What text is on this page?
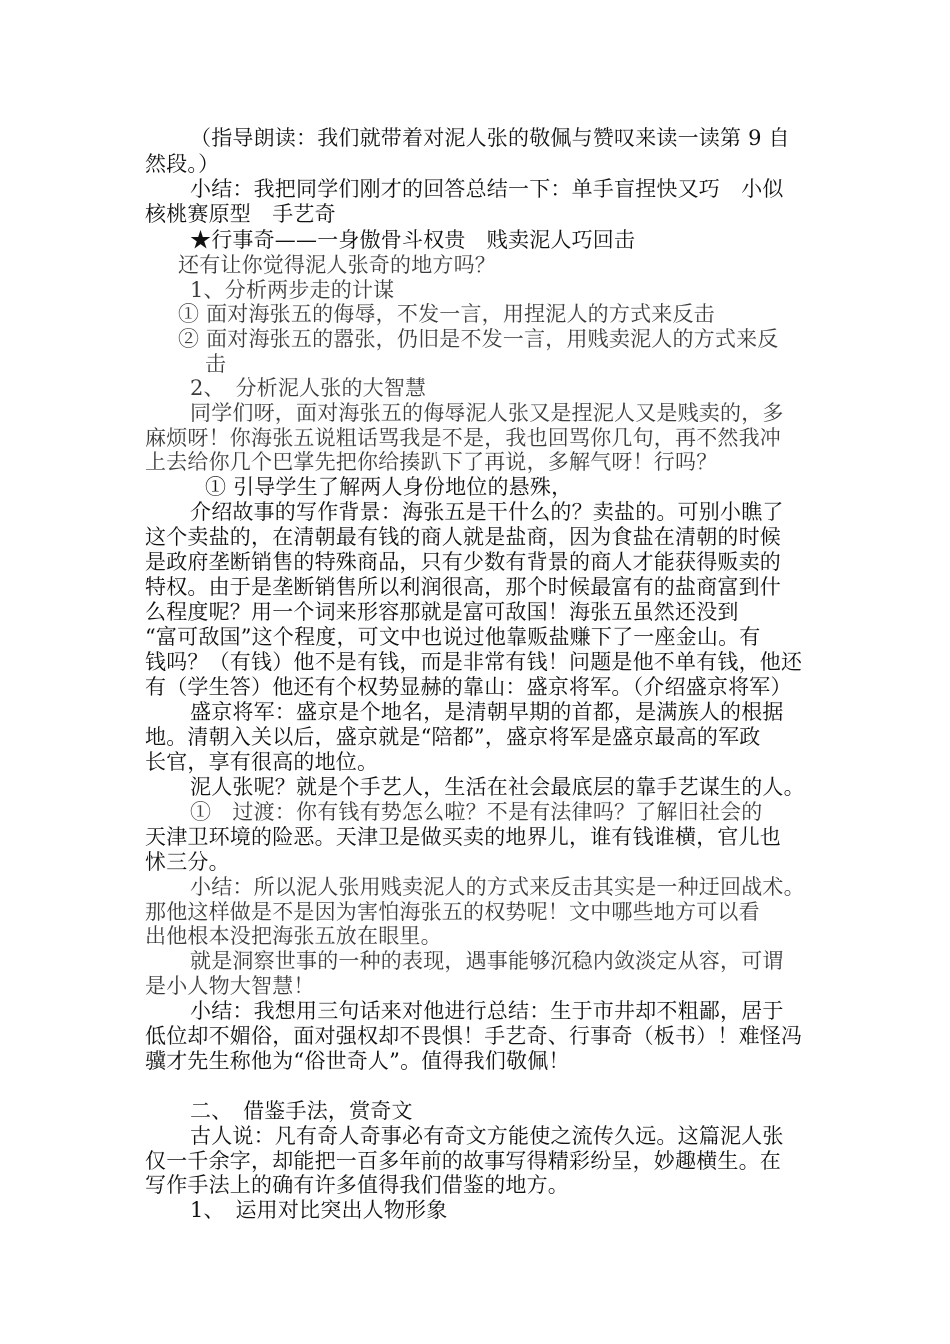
（指导朗读：我们就带着对泥人张的敬佩与赞叹来读一读第 9 自
然段。）
小结：我把同学们刚才的回答总结一下：单手盲捏快又巧　小似
核桃赛原型　手艺奇
★行事奇——一身傲骨斗权贵　贱卖泥人巧回击
还有让你觉得泥人张奇的地方吗？
1、分析两步走的计谋
① 面对海张五的侮辱，不发一言，用捏泥人的方式来反击
② 面对海张五的嚣张，仍旧是不发一言，用贱卖泥人的方式来反
击
2、　分析泥人张的大智慧
同学们呀，面对海张五的侮辱泥人张又是捏泥人又是贱卖的，多
麻烦呀！你海张五说粗话骂我是不是，我也回骂你几句，再不然我冲
上去给你几个巴掌先把你给揍趴下了再说，多解气呀！行吗？
① 引导学生了解两人身份地位的悬殊，
介绍故事的写作背景：海张五是干什么的？卖盐的。可别小瞧了
这个卖盐的，在清朝最有钱的商人就是盐商，因为食盐在清朝的时候
是政府垄断销售的特殊商品，只有少数有背景的商人才能获得贩卖的
特权。由于是垄断销售所以利润很高，那个时候最富有的盐商富到什
么程度呢？用一个词来形容那就是富可敌国！海张五虽然还没到
“富可敌国”这个程度，可文中也说过他靠贩盐赚下了一座金山。有
钱吗？（有钱）他不是有钱，而是非常有钱！问题是他不单有钱，他还
有（学生答）他还有个权势显赫的靠山：盛京将军。（介绍盛京将军）
盛京将军：盛京是个地名，是清朝早期的首都，是满族人的根据
地。清朝入关以后，盛京就是“陪都”，盛京将军是盛京最高的军政
长官，享有很高的地位。
泥人张呢？就是个手艺人，生活在社会最底层的靠手艺谋生的人。
①　过渡：你有钱有势怎么啦？不是有法律吗？了解旧社会的
天津卫环境的险恶。天津卫是做买卖的地界儿，谁有钱谁横，官儿也
怵三分。
小结：所以泥人张用贱卖泥人的方式来反击其实是一种迂回战术。
那他这样做是不是因为害怕海张五的权势呢！文中哪些地方可以看
出他根本没把海张五放在眼里。
就是洞察世事的一种的表现，遇事能够沉稳内敛淡定从容，可谓
是小人物大智慧！
小结：我想用三句话来对他进行总结：生于市井却不粗鄙，居于
低位却不媚俗，面对强权却不畏惧！手艺奇、行事奇（板书）！难怪冯
骥才先生称他为“俗世奇人”。值得我们敬佩！
二、　借鉴手法，赏奇文
古人说：凡有奇人奇事必有奇文方能使之流传久远。这篇泥人张
仅一千余字，却能把一百多年前的故事写得精彩纷呈，妙趣横生。在
写作手法上的确有许多值得我们借鉴的地方。
1、　运用对比突出人物形象
